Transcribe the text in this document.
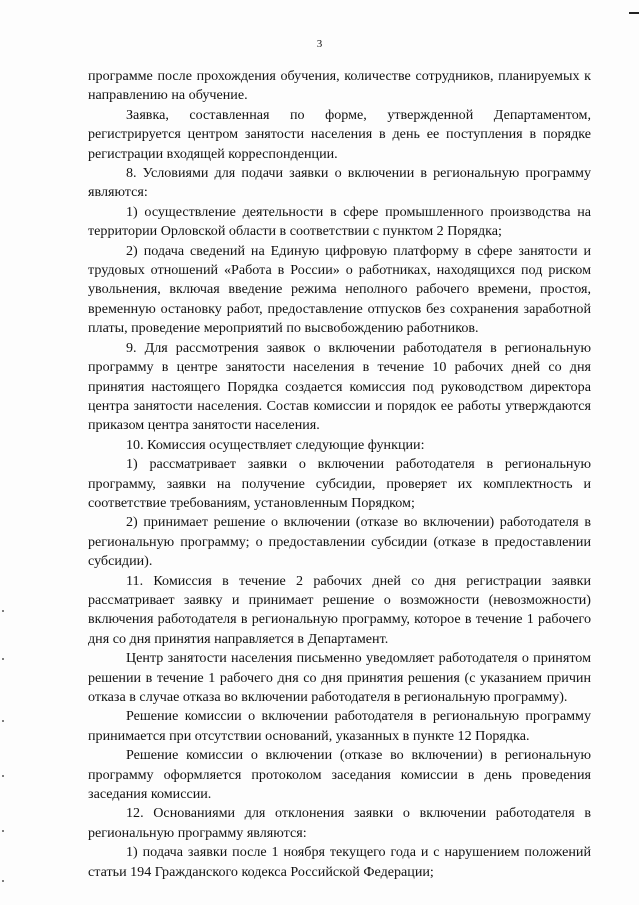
3

программе после прохождения обучения, количестве сотрудников, планируемых к направлению на обучение.

Заявка, составленная по форме, утвержденной Департаментом, регистрируется центром занятости населения в день ее поступления в порядке регистрации входящей корреспонденции.

8. Условиями для подачи заявки о включении в региональную программу являются:

1) осуществление деятельности в сфере промышленного производства на территории Орловской области в соответствии с пунктом 2 Порядка;

2) подача сведений на Единую цифровую платформу в сфере занятости и трудовых отношений «Работа в России» о работниках, находящихся под риском увольнения, включая введение режима неполного рабочего времени, простоя, временную остановку работ, предоставление отпусков без сохранения заработной платы, проведение мероприятий по высвобождению работников.

9. Для рассмотрения заявок о включении работодателя в региональную программу в центре занятости населения в течение 10 рабочих дней со дня принятия настоящего Порядка создается комиссия под руководством директора центра занятости населения. Состав комиссии и порядок ее работы утверждаются приказом центра занятости населения.

10. Комиссия осуществляет следующие функции:

1) рассматривает заявки о включении работодателя в региональную программу, заявки на получение субсидии, проверяет их комплектность и соответствие требованиям, установленным Порядком;

2) принимает решение о включении (отказе во включении) работодателя в региональную программу; о предоставлении субсидии (отказе в предоставлении субсидии).

11. Комиссия в течение 2 рабочих дней со дня регистрации заявки рассматривает заявку и принимает решение о возможности (невозможности) включения работодателя в региональную программу, которое в течение 1 рабочего дня со дня принятия направляется в Департамент.

Центр занятости населения письменно уведомляет работодателя о принятом решении в течение 1 рабочего дня со дня принятия решения (с указанием причин отказа в случае отказа во включении работодателя в региональную программу).

Решение комиссии о включении работодателя в региональную программу принимается при отсутствии оснований, указанных в пункте 12 Порядка.

Решение комиссии о включении (отказе во включении) в региональную программу оформляется протоколом заседания комиссии в день проведения заседания комиссии.

12. Основаниями для отклонения заявки о включении работодателя в региональную программу являются:

1) подача заявки после 1 ноября текущего года и с нарушением положений статьи 194 Гражданского кодекса Российской Федерации;
